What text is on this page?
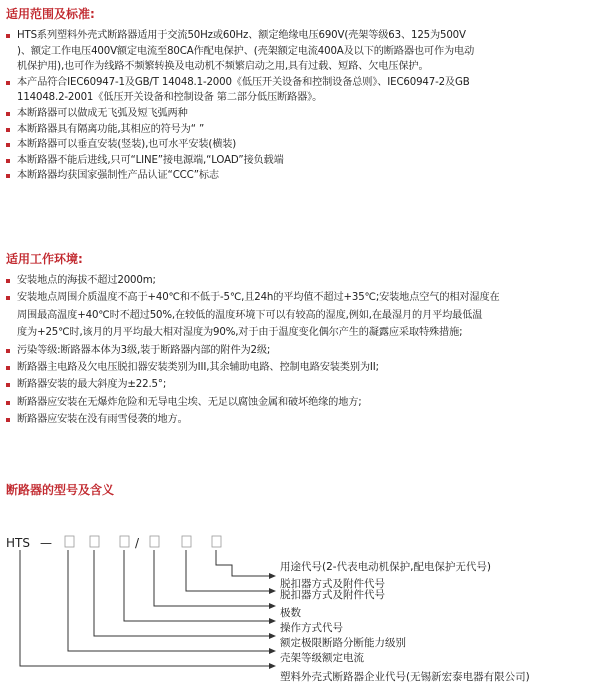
适用范围及标准:
HTS系列塑料外壳式断路器适用于交流50Hz或60Hz、额定绝缘电压690V(壳架等级63、125为500V
)、额定工作电压400V额定电流至80CA作配电保护、(壳架额定电流400A及以下的断路器也可作为电动
机保护用),也可作为线路不频繁转换及电动机不频繁启动之用,具有过载、短路、欠电压保护。
本产品符合IEC60947-1及GB/T 14048.1-2000《低压开关设备和控制设备总则》、IEC60947-2及GB
114048.2-2001《低压开关设备和控制设备 第二部分低压断路器》。
本断路器可以做成无飞弧及短飞弧两种
本断路器具有隔离功能,其相应的符号为“ ”
本断路器可以垂直安装(竖装),也可水平安装(横装)
本断路器不能后进线,只可“LINE”接电源端,“LOAD”接负载端
本断路器均获国家强制性产品认证“CCC”标志
适用工作环境:
安装地点的海拔不超过2000m;
安装地点周围介质温度不高于+40℃和不低于-5℃,且24h的平均值不超过+35℃;安装地点空气的相对湿度在
周围最高温度+40℃时不超过50%,在较低的温度环境下可以有较高的湿度,例如,在最湿月的月平均最低温
度为+25℃时,该月的月平均最大相对湿度为90%,对于由于温度变化偶尔产生的凝露应采取特殊措施;
污染等级:断路器本体为3级,装于断路器内部的附件为2级;
断路器主电路及欠电压脱扣器安装类别为III,其余辅助电路、控制电路安装类别为II;
断路器安装的最大斜度为±22.5°;
断路器应安装在无爆炸危险和无导电尘埃、无足以腐蚀金属和破坏绝缘的地方;
断路器应安装在没有雨雪侵袭的地方。
断路器的型号及含义
HTS —	/
用途代号(2-代表电动机保护,配电保护无代号)
脱扣器方式及附件代号
脱扣器方式及附件代号
极数
操作方式代号
额定极限断路分断能力级别
壳架等级额定电流
塑料外壳式断路器企业代号(无锡新宏泰电器有限公司)
